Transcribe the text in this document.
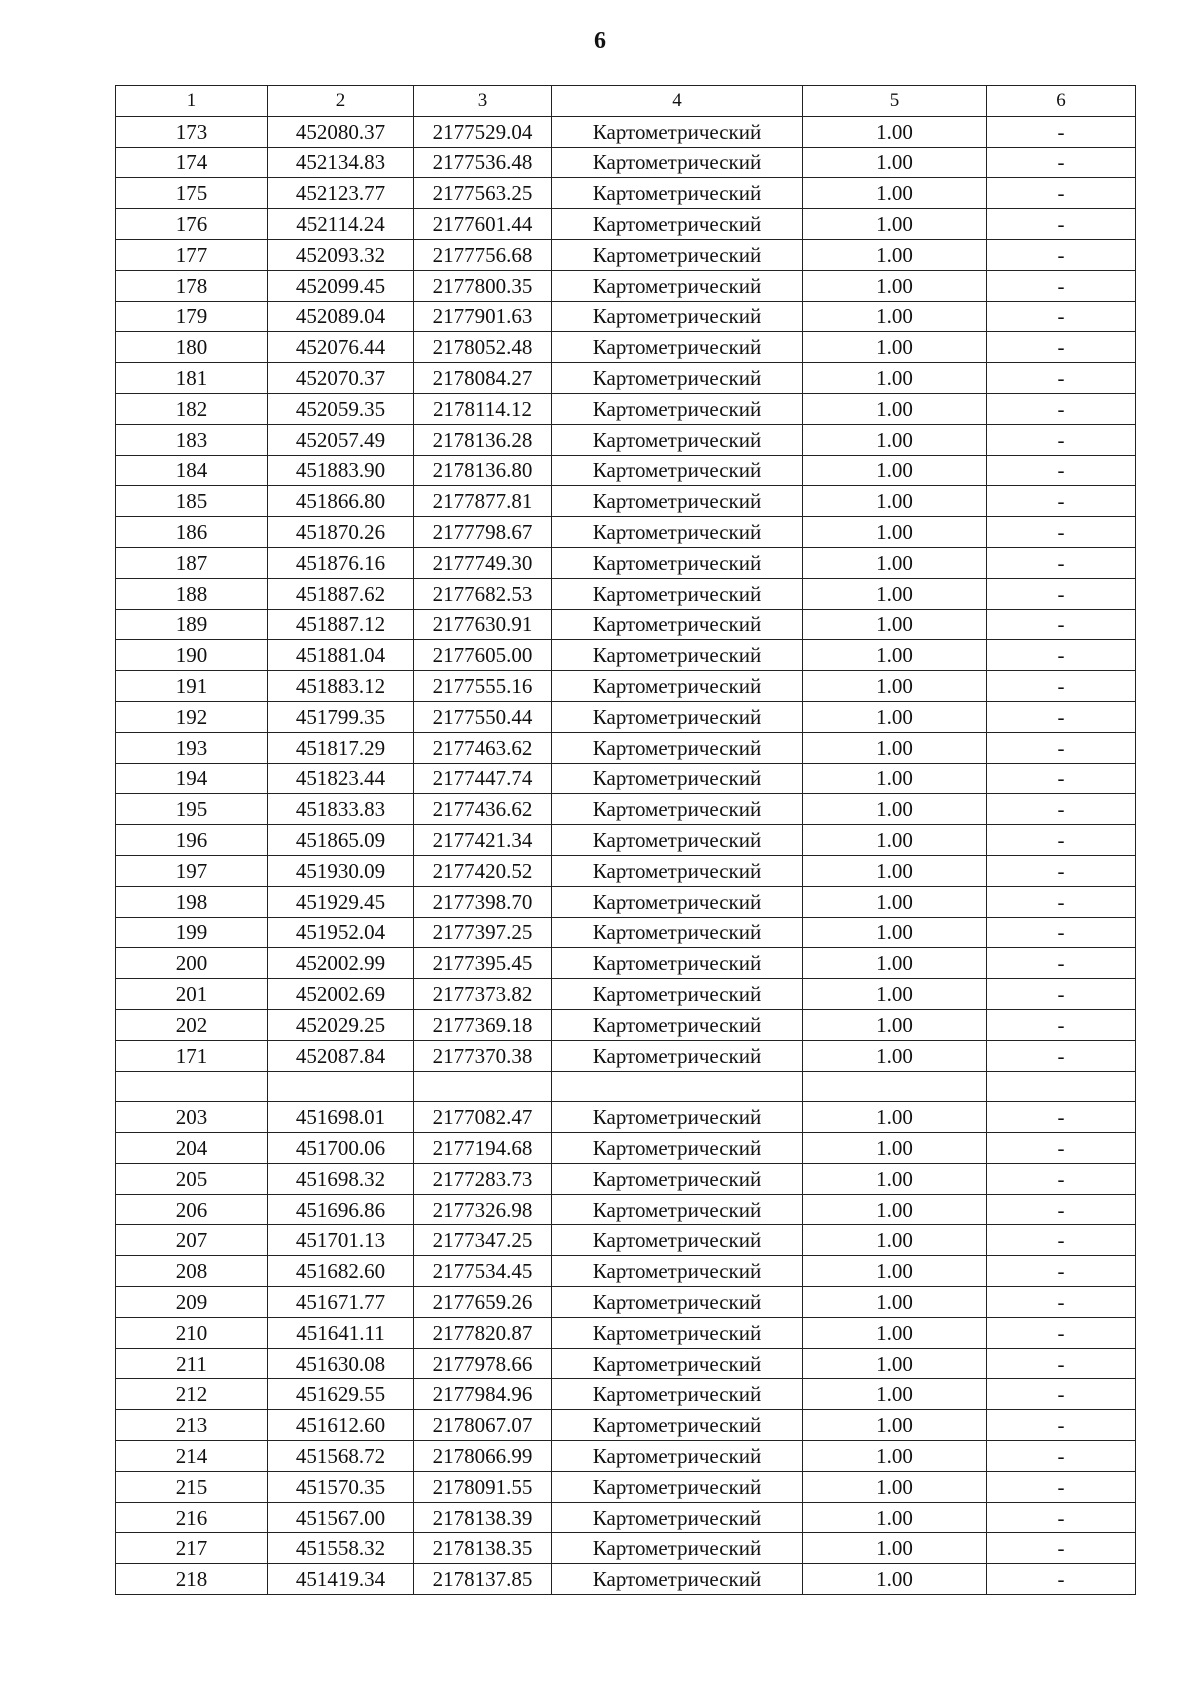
6
1	2	3	4	5	6
173	452080.37	2177529.04	Картометрический	1.00	-
174	452134.83	2177536.48	Картометрический	1.00	-
175	452123.77	2177563.25	Картометрический	1.00	-
176	452114.24	2177601.44	Картометрический	1.00	-
177	452093.32	2177756.68	Картометрический	1.00	-
178	452099.45	2177800.35	Картометрический	1.00	-
179	452089.04	2177901.63	Картометрический	1.00	-
180	452076.44	2178052.48	Картометрический	1.00	-
181	452070.37	2178084.27	Картометрический	1.00	-
182	452059.35	2178114.12	Картометрический	1.00	-
183	452057.49	2178136.28	Картометрический	1.00	-
184	451883.90	2178136.80	Картометрический	1.00	-
185	451866.80	2177877.81	Картометрический	1.00	-
186	451870.26	2177798.67	Картометрический	1.00	-
187	451876.16	2177749.30	Картометрический	1.00	-
188	451887.62	2177682.53	Картометрический	1.00	-
189	451887.12	2177630.91	Картометрический	1.00	-
190	451881.04	2177605.00	Картометрический	1.00	-
191	451883.12	2177555.16	Картометрический	1.00	-
192	451799.35	2177550.44	Картометрический	1.00	-
193	451817.29	2177463.62	Картометрический	1.00	-
194	451823.44	2177447.74	Картометрический	1.00	-
195	451833.83	2177436.62	Картометрический	1.00	-
196	451865.09	2177421.34	Картометрический	1.00	-
197	451930.09	2177420.52	Картометрический	1.00	-
198	451929.45	2177398.70	Картометрический	1.00	-
199	451952.04	2177397.25	Картометрический	1.00	-
200	452002.99	2177395.45	Картометрический	1.00	-
201	452002.69	2177373.82	Картометрический	1.00	-
202	452029.25	2177369.18	Картометрический	1.00	-
171	452087.84	2177370.38	Картометрический	1.00	-

203	451698.01	2177082.47	Картометрический	1.00	-
204	451700.06	2177194.68	Картометрический	1.00	-
205	451698.32	2177283.73	Картометрический	1.00	-
206	451696.86	2177326.98	Картометрический	1.00	-
207	451701.13	2177347.25	Картометрический	1.00	-
208	451682.60	2177534.45	Картометрический	1.00	-
209	451671.77	2177659.26	Картометрический	1.00	-
210	451641.11	2177820.87	Картометрический	1.00	-
211	451630.08	2177978.66	Картометрический	1.00	-
212	451629.55	2177984.96	Картометрический	1.00	-
213	451612.60	2178067.07	Картометрический	1.00	-
214	451568.72	2178066.99	Картометрический	1.00	-
215	451570.35	2178091.55	Картометрический	1.00	-
216	451567.00	2178138.39	Картометрический	1.00	-
217	451558.32	2178138.35	Картометрический	1.00	-
218	451419.34	2178137.85	Картометрический	1.00	-
